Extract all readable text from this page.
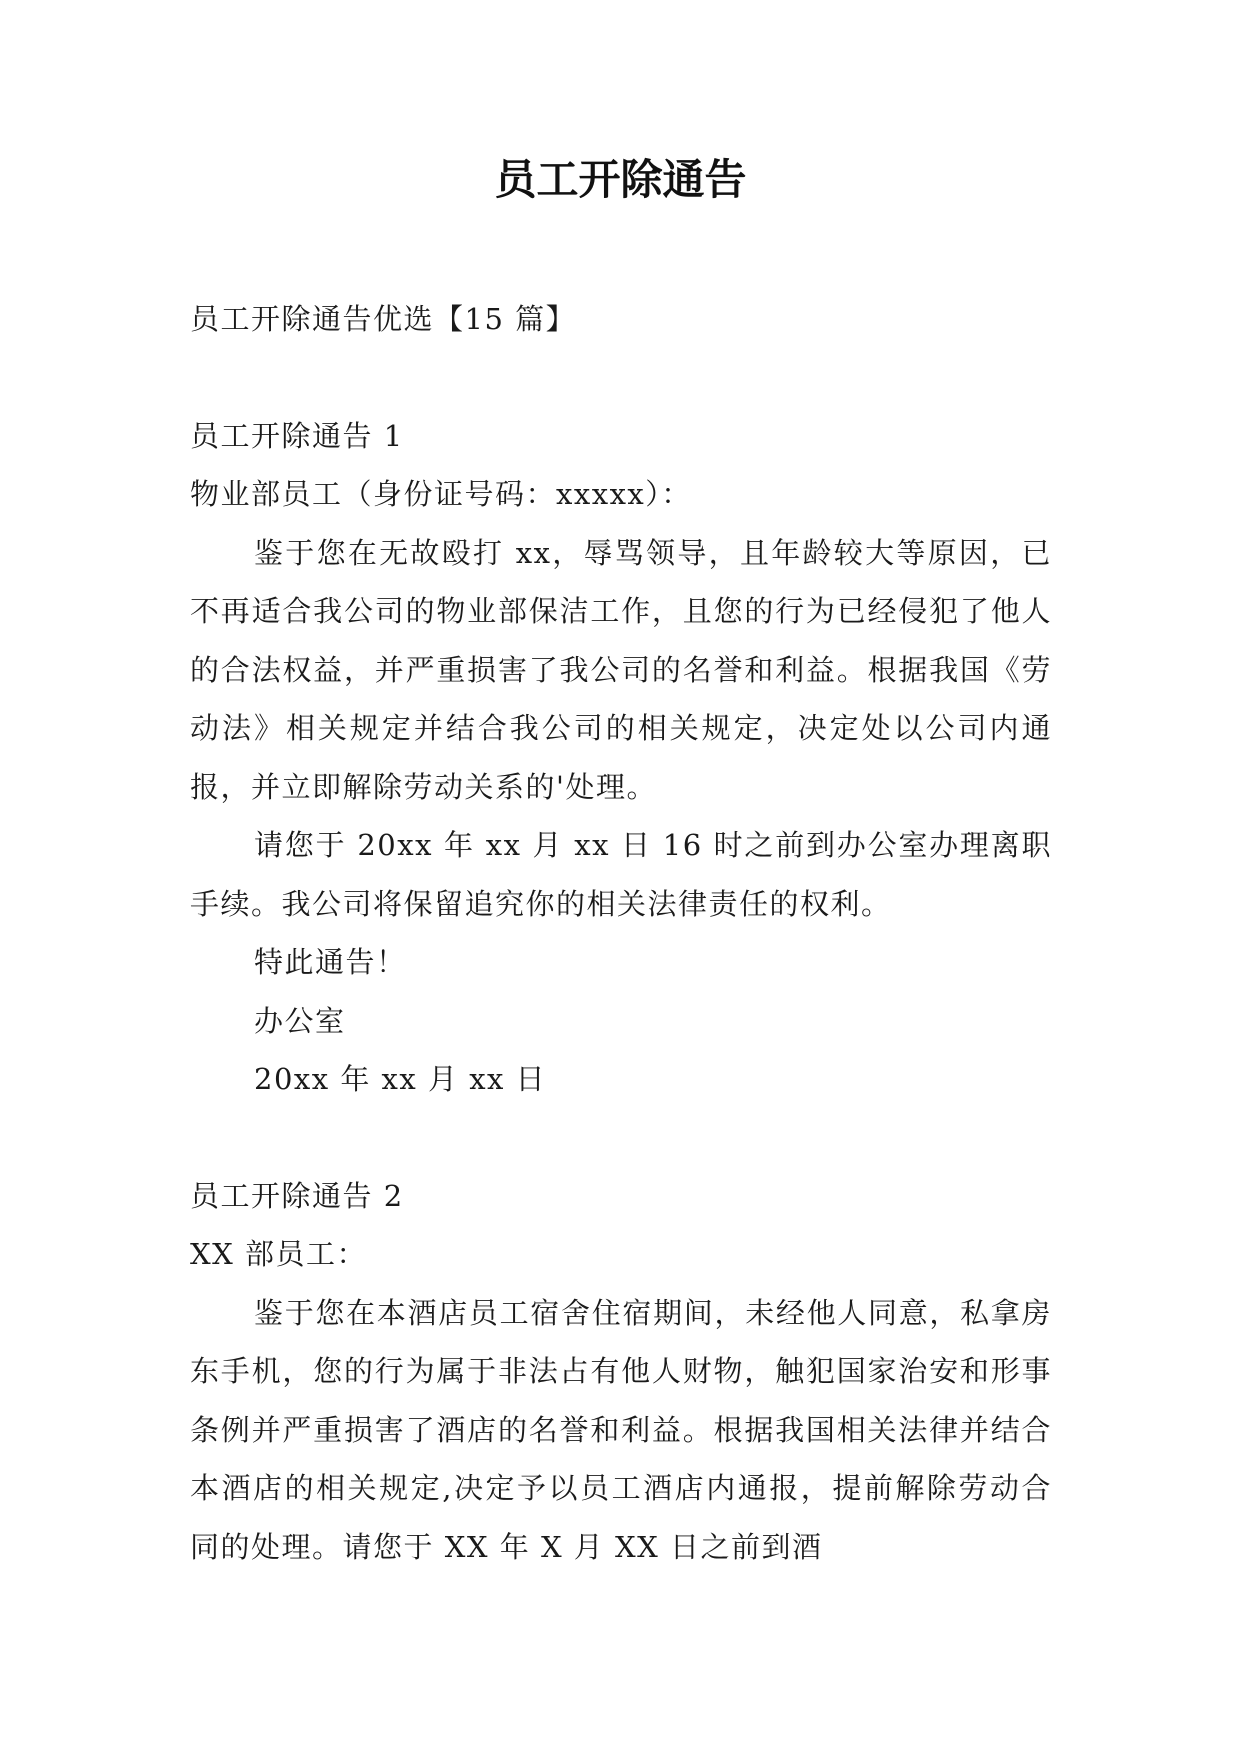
员工开除通告

员工开除通告优选【15 篇】

员工开除通告 1

物业部员工（身份证号码：xxxxx）：

鉴于您在无故殴打 xx，辱骂领导，且年龄较大等原因，已不再适合我公司的物业部保洁工作，且您的行为已经侵犯了他人的合法权益，并严重损害了我公司的名誉和利益。根据我国《劳动法》相关规定并结合我公司的相关规定，决定处以公司内通报，并立即解除劳动关系的'处理。

请您于 20xx 年 xx 月 xx 日 16 时之前到办公室办理离职手续。我公司将保留追究你的相关法律责任的权利。

特此通告！

办公室

20xx 年 xx 月 xx 日

员工开除通告 2

XX 部员工：

鉴于您在本酒店员工宿舍住宿期间，未经他人同意，私拿房东手机，您的行为属于非法占有他人财物，触犯国家治安和形事条例并严重损害了酒店的名誉和利益。根据我国相关法律并结合本酒店的相关规定,决定予以员工酒店内通报，提前解除劳动合同的处理。请您于 XX 年 X 月 XX 日之前到酒
